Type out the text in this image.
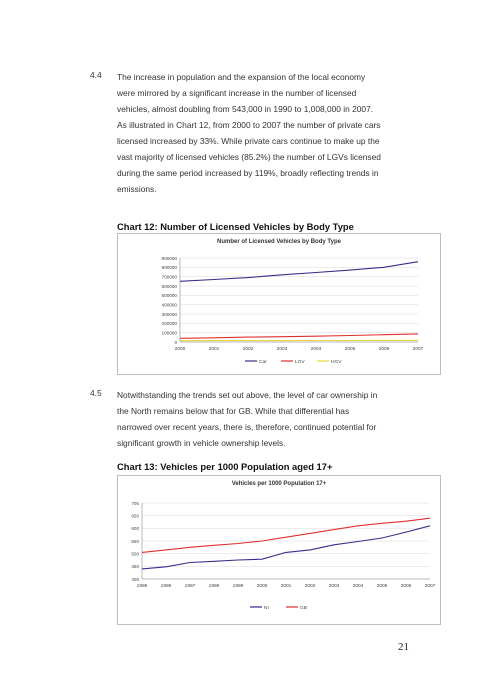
4.4 The increase in population and the expansion of the local economy
were mirrored by a significant increase in the number of licensed
vehicles, almost doubling from 543,000 in 1990 to 1,008,000 in 2007.
As illustrated in Chart 12, from 2000 to 2007 the number of private cars
licensed increased by 33%. While private cars continue to make up the
vast majority of licensed vehicles (85.2%) the number of LGVs licensed
during the same period increased by 119%, broadly reflecting trends in
emissions.
Chart 12: Number of Licensed Vehicles by Body Type
Number of Licensed Vehicles by Body Type
0
100000
200000
300000
400000
500000
600000
700000
800000
900000
2000	2001	2002	2003	2004	2005	2006	2007
Car	LGV	HGV
4.5 Notwithstanding the trends set out above, the level of car ownership in
the North remains below that for GB. While that differential has
narrowed over recent years, there is, therefore, continued potential for
significant growth in vehicle ownership levels.
Chart 13: Vehicles per 1000 Population aged 17+
Vehicles per 1000 Population 17+
400
450
500
550
600
650
700
1995	1996	1997	1998	1999	2000	2001	2002	2003	2004	2005	2006	2007
NI	GB
21
